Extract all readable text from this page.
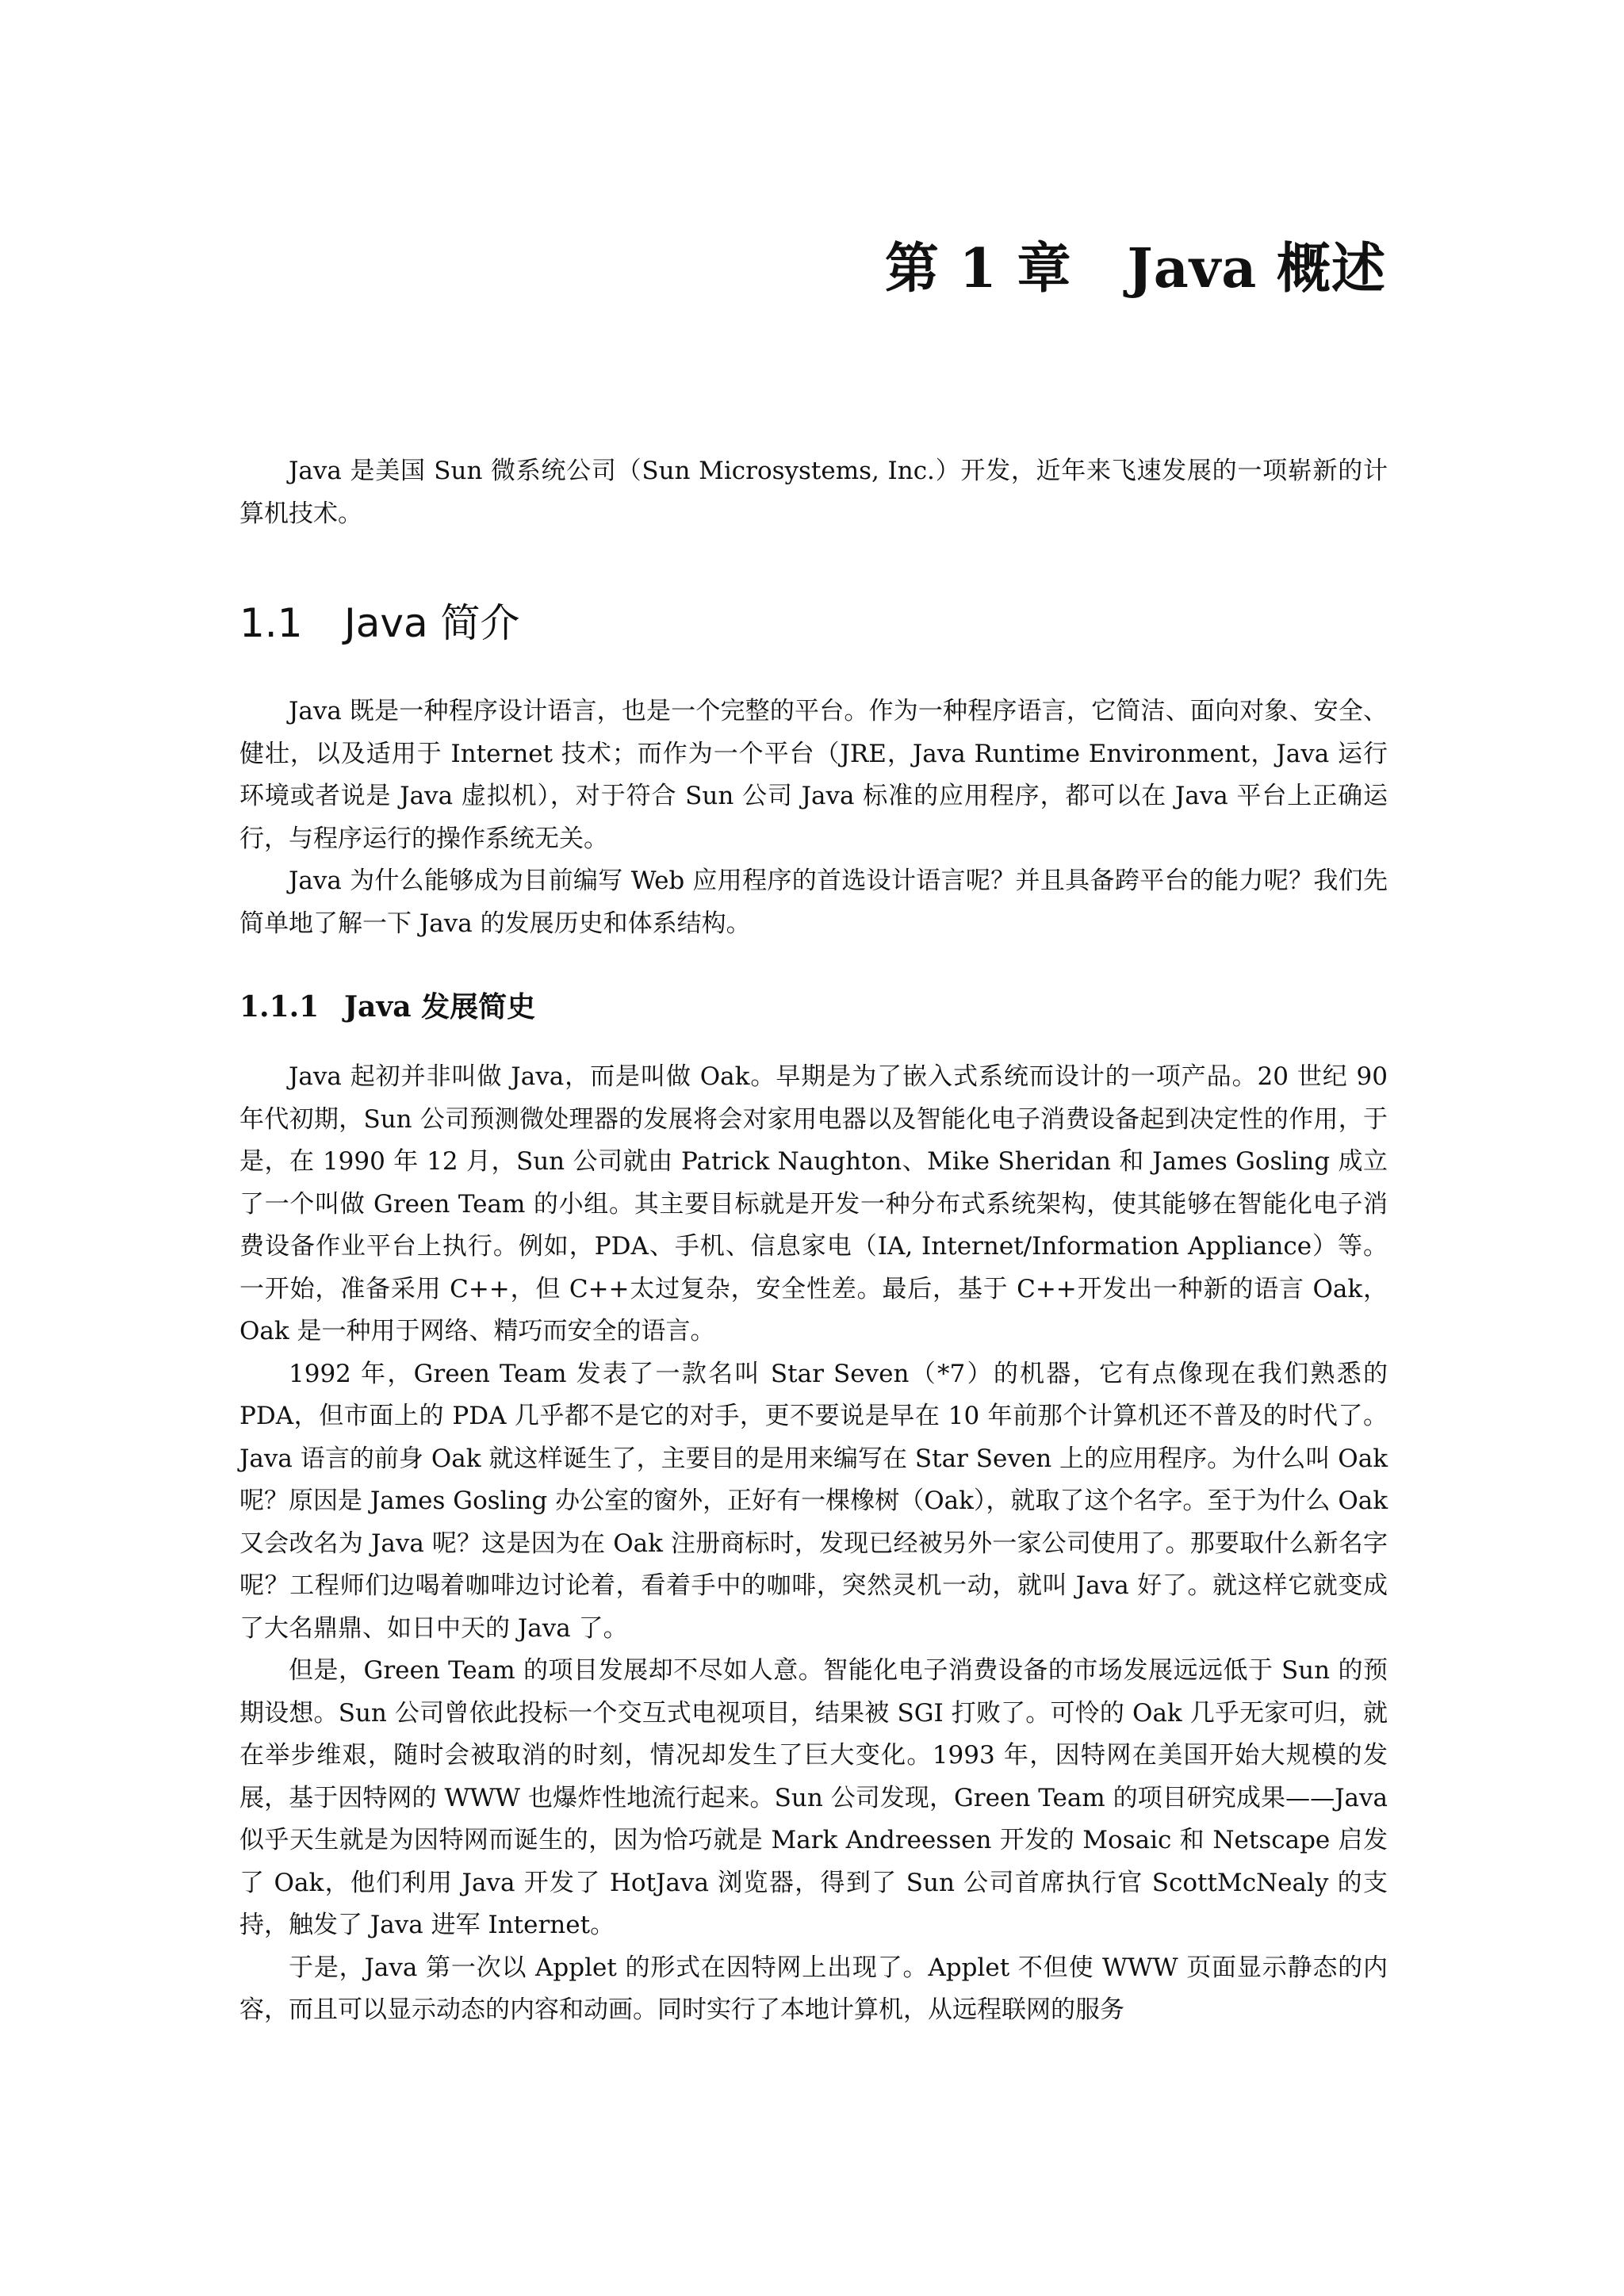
第 1 章 Java 概述

Java 是美国 Sun 微系统公司（Sun Microsystems, Inc.）开发，近年来飞速发展的一项崭新的计算机技术。

1.1 Java 简介

Java 既是一种程序设计语言，也是一个完整的平台。作为一种程序语言，它简洁、面向对象、安全、健壮，以及适用于 Internet 技术；而作为一个平台（JRE，Java Runtime Environment，Java 运行环境或者说是 Java 虚拟机），对于符合 Sun 公司 Java 标准的应用程序，都可以在 Java 平台上正确运行，与程序运行的操作系统无关。

Java 为什么能够成为目前编写 Web 应用程序的首选设计语言呢？并且具备跨平台的能力呢？我们先简单地了解一下 Java 的发展历史和体系结构。

1.1.1 Java 发展简史

Java 起初并非叫做 Java，而是叫做 Oak。早期是为了嵌入式系统而设计的一项产品。20 世纪 90 年代初期，Sun 公司预测微处理器的发展将会对家用电器以及智能化电子消费设备起到决定性的作用，于是，在 1990 年 12 月，Sun 公司就由 Patrick Naughton、Mike Sheridan 和 James Gosling 成立了一个叫做 Green Team 的小组。其主要目标就是开发一种分布式系统架构，使其能够在智能化电子消费设备作业平台上执行。例如，PDA、手机、信息家电（IA, Internet/Information Appliance）等。一开始，准备采用 C++，但 C++太过复杂，安全性差。最后，基于 C++开发出一种新的语言 Oak，Oak 是一种用于网络、精巧而安全的语言。

1992 年，Green Team 发表了一款名叫 Star Seven（*7）的机器，它有点像现在我们熟悉的 PDA，但市面上的 PDA 几乎都不是它的对手，更不要说是早在 10 年前那个计算机还不普及的时代了。Java 语言的前身 Oak 就这样诞生了，主要目的是用来编写在 Star Seven 上的应用程序。为什么叫 Oak 呢？原因是 James Gosling 办公室的窗外，正好有一棵橡树（Oak），就取了这个名字。至于为什么 Oak 又会改名为 Java 呢？这是因为在 Oak 注册商标时，发现已经被另外一家公司使用了。那要取什么新名字呢？工程师们边喝着咖啡边讨论着，看着手中的咖啡，突然灵机一动，就叫 Java 好了。就这样它就变成了大名鼎鼎、如日中天的 Java 了。

但是，Green Team 的项目发展却不尽如人意。智能化电子消费设备的市场发展远远低于 Sun 的预期设想。Sun 公司曾依此投标一个交互式电视项目，结果被 SGI 打败了。可怜的 Oak 几乎无家可归，就在举步维艰，随时会被取消的时刻，情况却发生了巨大变化。1993 年，因特网在美国开始大规模的发展，基于因特网的 WWW 也爆炸性地流行起来。Sun 公司发现，Green Team 的项目研究成果——Java 似乎天生就是为因特网而诞生的，因为恰巧就是 Mark Andreessen 开发的 Mosaic 和 Netscape 启发了 Oak，他们利用 Java 开发了 HotJava 浏览器，得到了 Sun 公司首席执行官 ScottMcNealy 的支持，触发了 Java 进军 Internet。

于是，Java 第一次以 Applet 的形式在因特网上出现了。Applet 不但使 WWW 页面显示静态的内容，而且可以显示动态的内容和动画。同时实行了本地计算机，从远程联网的服务
